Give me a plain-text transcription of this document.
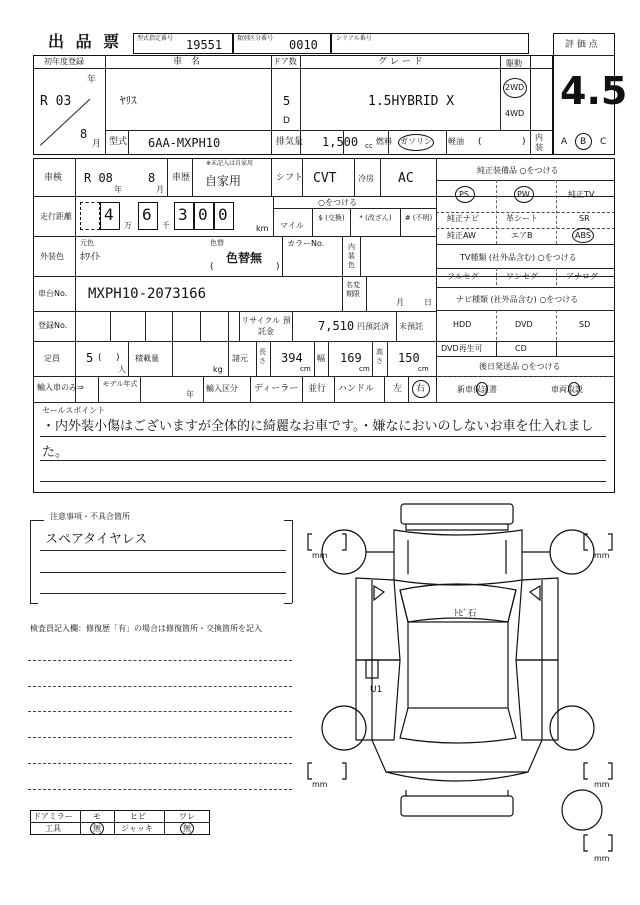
出 品 票 型式指定番号 19551 類別区分番号 0010	シリアル番号
評 価 点
4.5
初年度登録
年
R 03
8
月
車　名
ﾔﾘｽ
ドア数
5
D
グ レ ー ド
1.5HYBRID X
駆動
2WD
4WD
型式 6AA-MXPH10	排気量 1,500 cc 燃料 ガソリン 軽油 (	) 内装
A B C
車検 R 08
年
8
月
車歴
※未記入は自家用
自家用	シフト CVT	冷房 AC
走行距離 4
万
6
千
3 0 0
km マイル
○をつける
$ (交換)	* (改ざん)	# (不明)
外装色
元色
ﾎﾜｲﾄ
色替
色替無
(	)
カラーNo.	内装色
車台No. MXPH10-2073166
名変期限
月	日
登録No.
リサイクル 預託金	7,510 円預託済 未預託
定員 5 ( )
人
積載量
kg
諸元
長さ 394
cm
幅 169
cm
高さ 150
cm
輸入車のみ⇒	モデル年式
年
輸入区分 ディーラー 並行 ハンドル 左 右
純正装備品 ○をつける
PS	PW	純正TV
純正ナビ	革シート	SR
純正AW	エアB	ABS
TV種類 (社外品含む) ○をつける
フルセグ	ワンセグ	アナログ
ナビ種類 (社外品含む) ○をつける
HDD	DVD	SD
DVD再生可	CD
後日発送品 ○をつける
新車保証書	車両取説
セールスポイント
・内外装小傷はございますが全体的に綺麗なお車です。・嫌なにおいのしないお車を仕入れまし
た。
注意事項・不具合箇所
スペアタイヤレス
検査員記入欄：修復歴「有」の場合は修復箇所・交換箇所を記入
ドアミラー	モ	ヒビ	ワレ
工具	無	ジャッキ	無
mm	mm
mm	mm
mm
ﾄﾋﾞ石
U1
